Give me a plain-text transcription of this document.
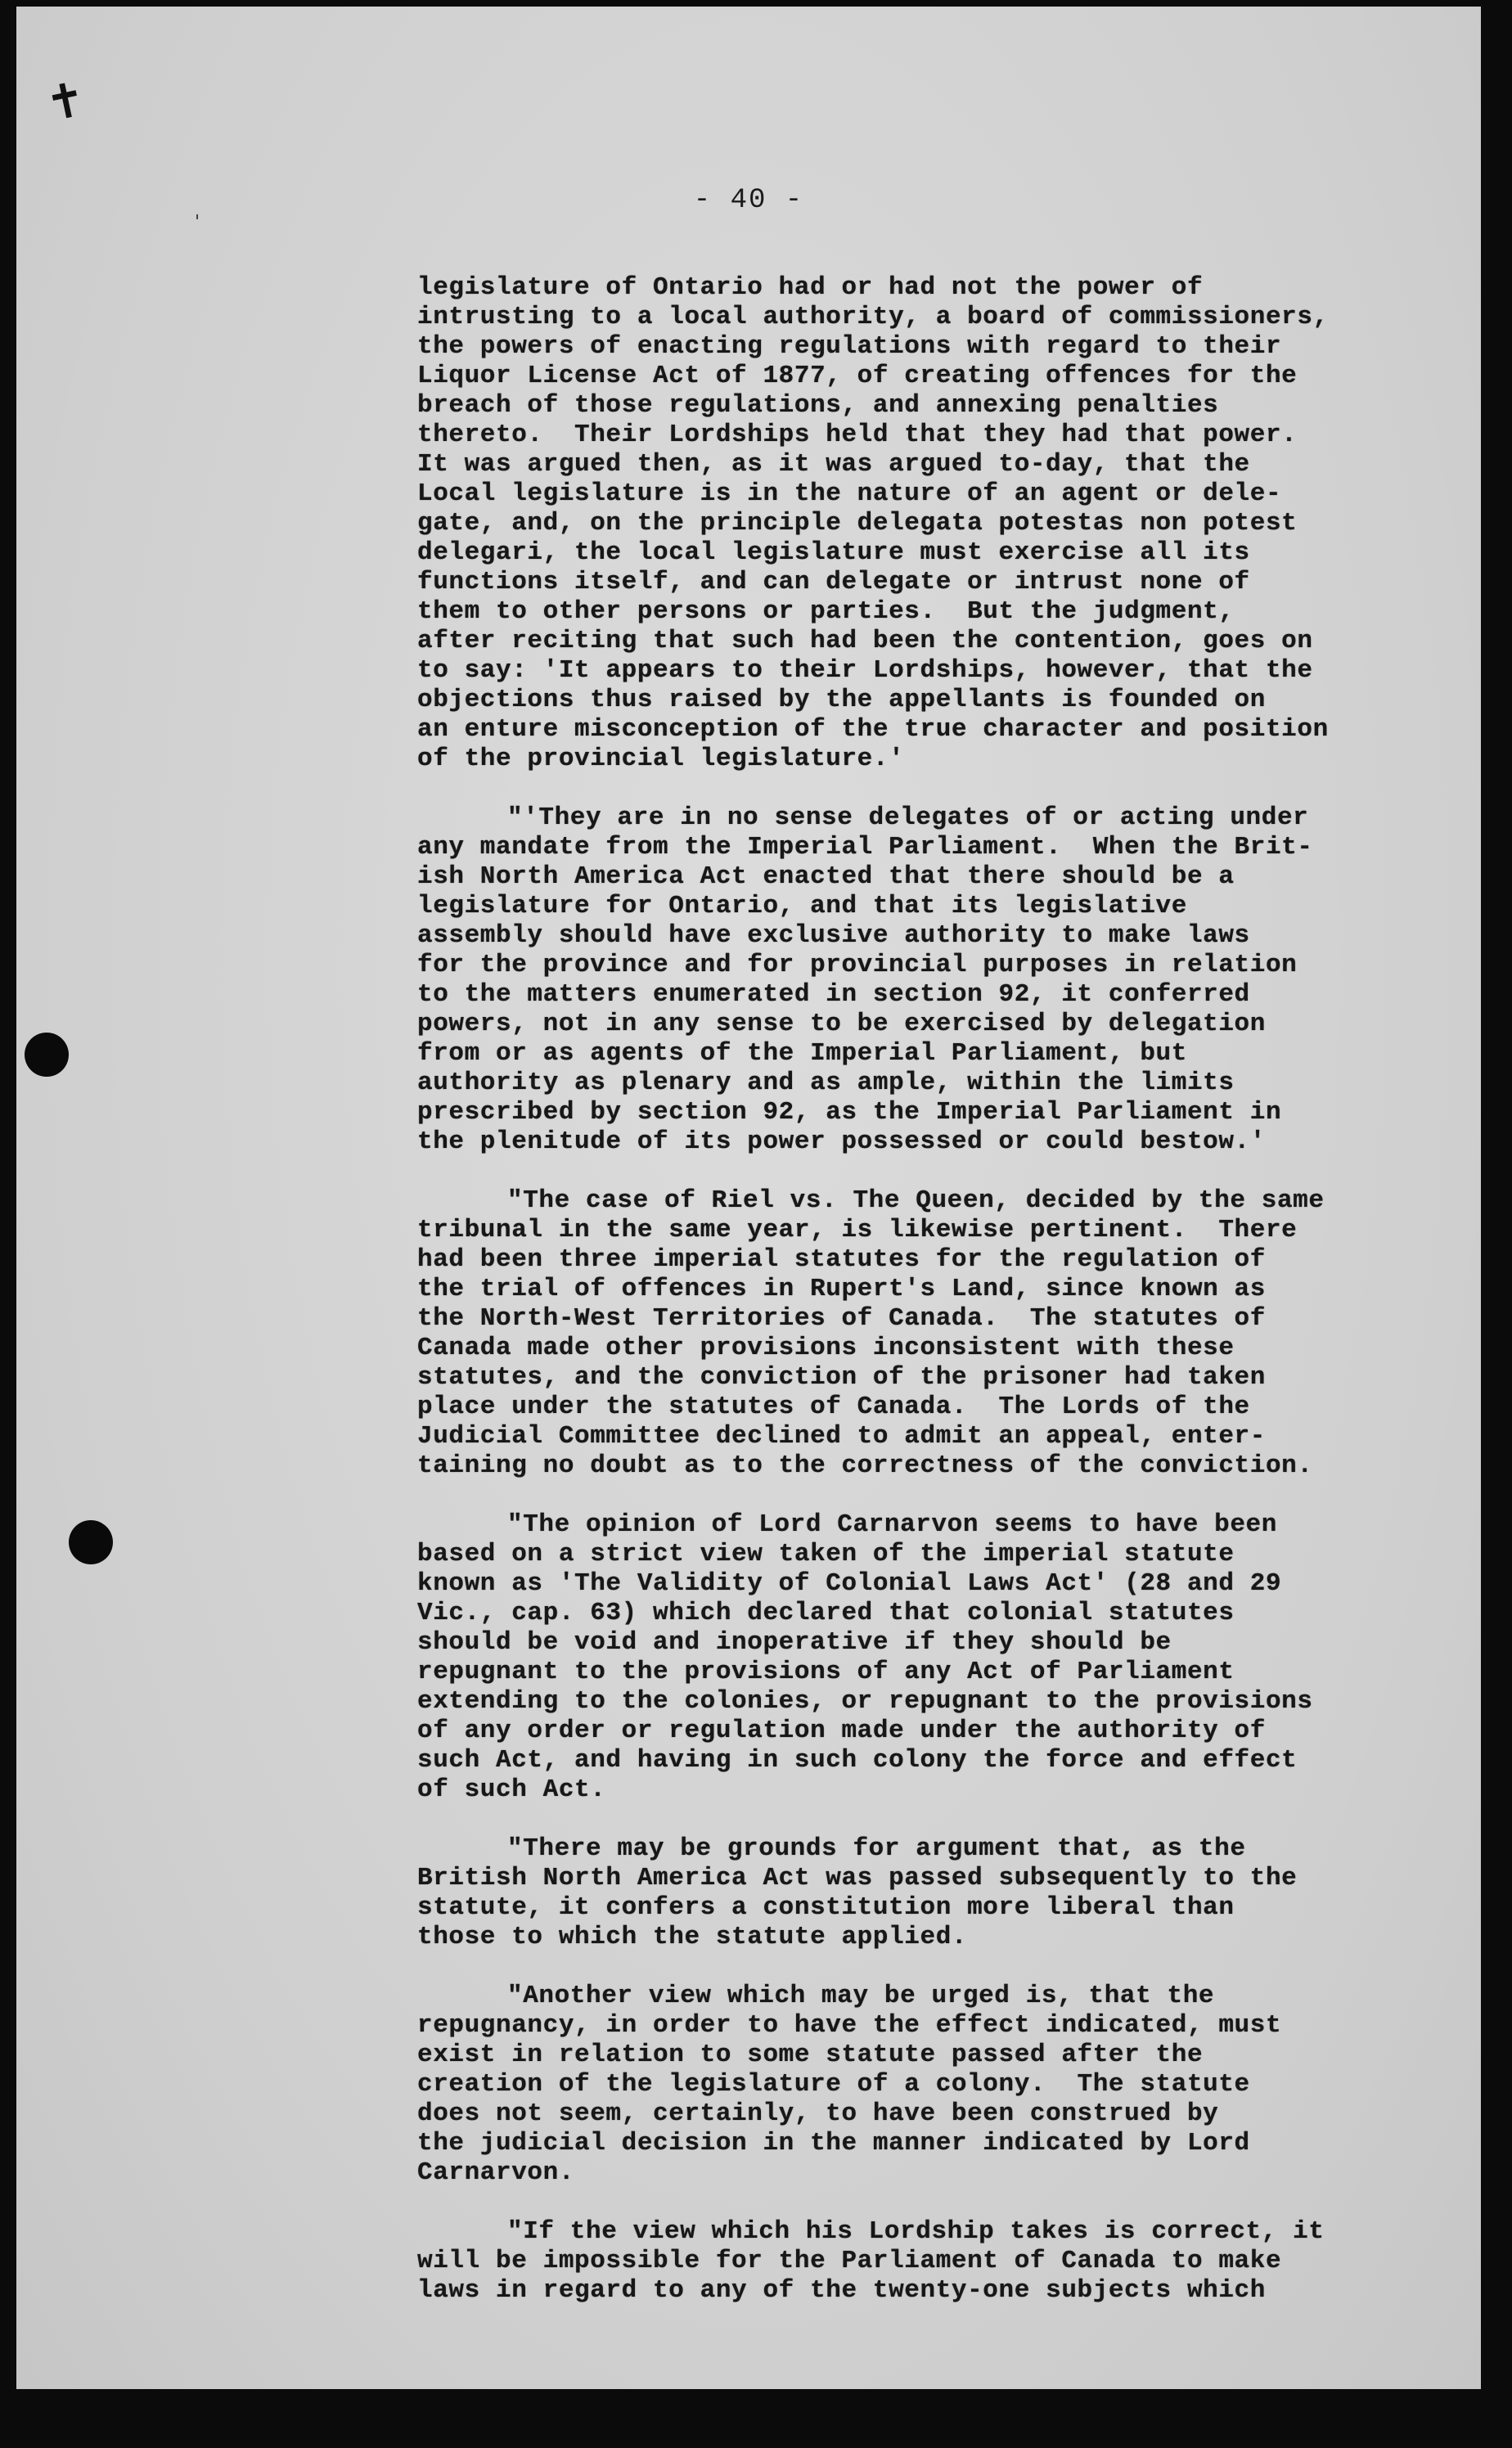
✝
ˈ
- 40 -
legislature of Ontario had or had not the power of
intrusting to a local authority, a board of commissioners,
the powers of enacting regulations with regard to their
Liquor License Act of 1877, of creating offences for the
breach of those regulations, and annexing penalties
thereto.  Their Lordships held that they had that power.
It was argued then, as it was argued to-day, that the
Local legislature is in the nature of an agent or dele-
gate, and, on the principle delegata potestas non potest
delegari, the local legislature must exercise all its
functions itself, and can delegate or intrust none of
them to other persons or parties.  But the judgment,
after reciting that such had been the contention, goes on
to say: 'It appears to their Lordships, however, that the
objections thus raised by the appellants is founded on
an enture misconception of the true character and position
of the provincial legislature.'
"'They are in no sense delegates of or acting under
any mandate from the Imperial Parliament.  When the Brit-
ish North America Act enacted that there should be a
legislature for Ontario, and that its legislative
assembly should have exclusive authority to make laws
for the province and for provincial purposes in relation
to the matters enumerated in section 92, it conferred
powers, not in any sense to be exercised by delegation
from or as agents of the Imperial Parliament, but
authority as plenary and as ample, within the limits
prescribed by section 92, as the Imperial Parliament in
the plenitude of its power possessed or could bestow.'
"The case of Riel vs. The Queen, decided by the same
tribunal in the same year, is likewise pertinent.  There
had been three imperial statutes for the regulation of
the trial of offences in Rupert's Land, since known as
the North-West Territories of Canada.  The statutes of
Canada made other provisions inconsistent with these
statutes, and the conviction of the prisoner had taken
place under the statutes of Canada.  The Lords of the
Judicial Committee declined to admit an appeal, enter-
taining no doubt as to the correctness of the conviction.
"The opinion of Lord Carnarvon seems to have been
based on a strict view taken of the imperial statute
known as 'The Validity of Colonial Laws Act' (28 and 29
Vic., cap. 63) which declared that colonial statutes
should be void and inoperative if they should be
repugnant to the provisions of any Act of Parliament
extending to the colonies, or repugnant to the provisions
of any order or regulation made under the authority of
such Act, and having in such colony the force and effect
of such Act.
"There may be grounds for argument that, as the
British North America Act was passed subsequently to the
statute, it confers a constitution more liberal than
those to which the statute applied.
"Another view which may be urged is, that the
repugnancy, in order to have the effect indicated, must
exist in relation to some statute passed after the
creation of the legislature of a colony.  The statute
does not seem, certainly, to have been construed by
the judicial decision in the manner indicated by Lord
Carnarvon.
"If the view which his Lordship takes is correct, it
will be impossible for the Parliament of Canada to make
laws in regard to any of the twenty-one subjects which
